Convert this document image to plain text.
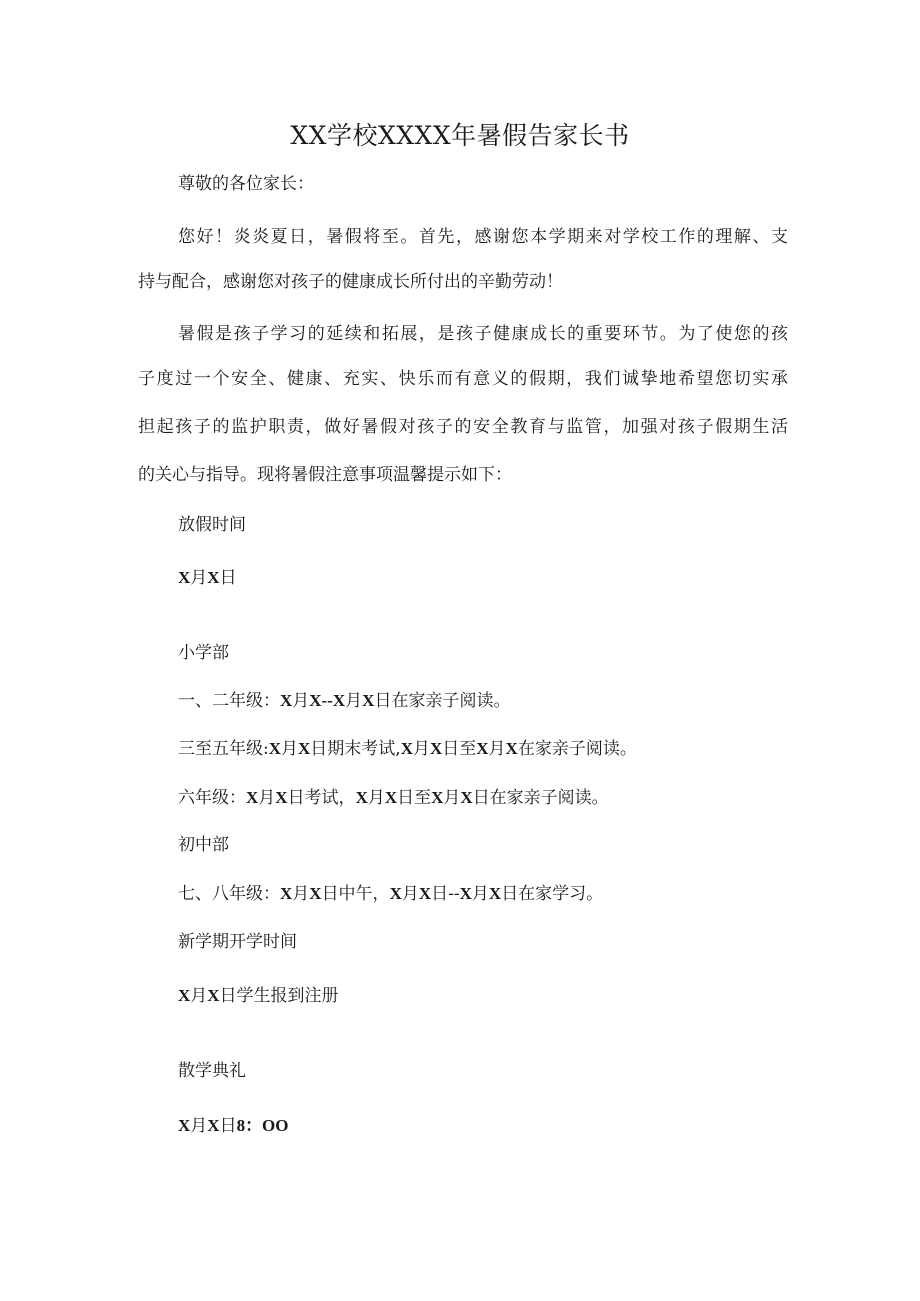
XX学校XXXX年暑假告家长书
尊敬的各位家长：
您好！炎炎夏日，暑假将至。首先，感谢您本学期来对学校工作的理解、支
持与配合，感谢您对孩子的健康成长所付出的辛勤劳动！
暑假是孩子学习的延续和拓展，是孩子健康成长的重要环节。为了使您的孩
子度过一个安全、健康、充实、快乐而有意义的假期，我们诚挚地希望您切实承
担起孩子的监护职责，做好暑假对孩子的安全教育与监管，加强对孩子假期生活
的关心与指导。现将暑假注意事项温馨提示如下：
放假时间
X月X日
小学部
一、二年级：X月X--X月X日在家亲子阅读。
三至五年级:X月X日期末考试,X月X日至X月X在家亲子阅读。
六年级：X月X日考试，X月X日至X月X日在家亲子阅读。
初中部
七、八年级：X月X日中午，X月X日--X月X日在家学习。
新学期开学时间
X月X日学生报到注册
散学典礼
X月X日8：OO
